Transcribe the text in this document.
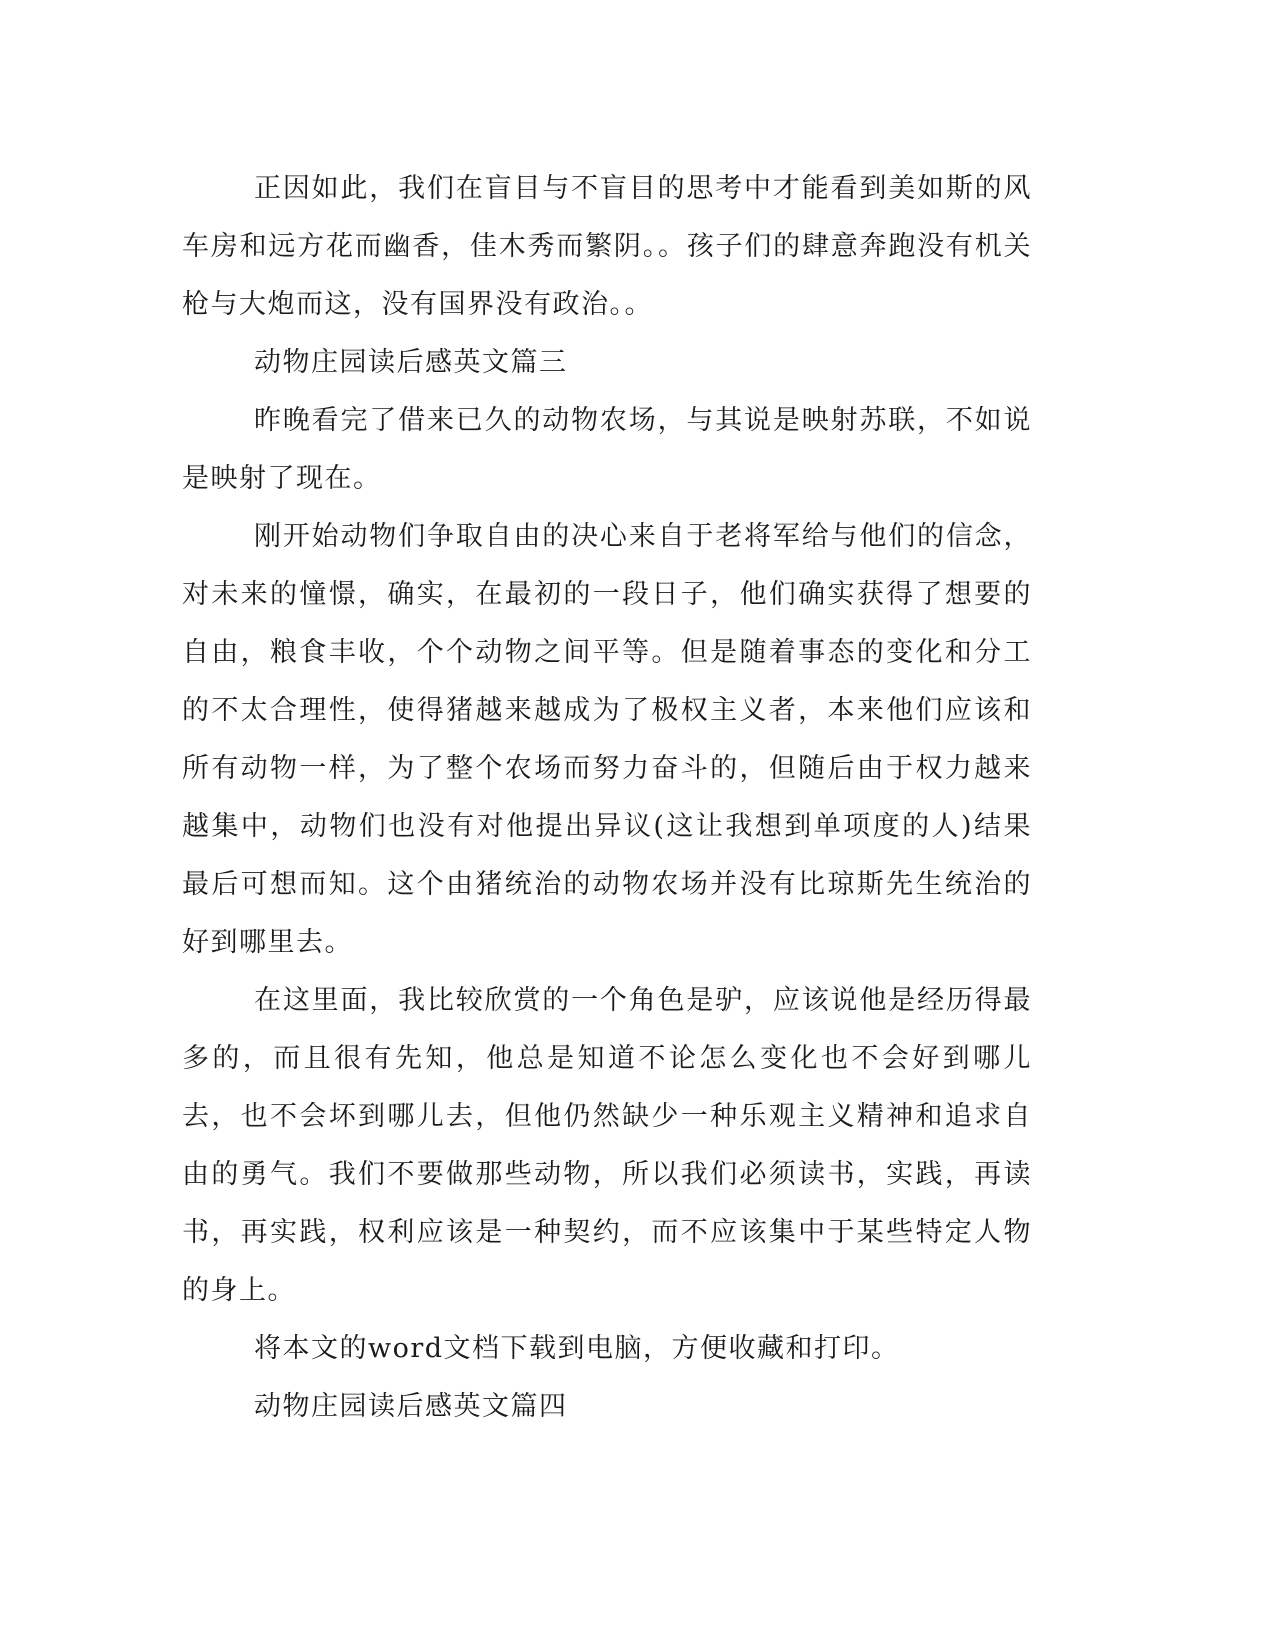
正因如此，我们在盲目与不盲目的思考中才能看到美如斯的风车房和远方花而幽香，佳木秀而繁阴。。孩子们的肆意奔跑没有机关枪与大炮而这，没有国界没有政治。。

动物庄园读后感英文篇三

昨晚看完了借来已久的动物农场，与其说是映射苏联，不如说是映射了现在。

刚开始动物们争取自由的决心来自于老将军给与他们的信念，对未来的憧憬，确实，在最初的一段日子，他们确实获得了想要的自由，粮食丰收，个个动物之间平等。但是随着事态的变化和分工的不太合理性，使得猪越来越成为了极权主义者，本来他们应该和所有动物一样，为了整个农场而努力奋斗的，但随后由于权力越来越集中，动物们也没有对他提出异议(这让我想到单项度的人)结果最后可想而知。这个由猪统治的动物农场并没有比琼斯先生统治的好到哪里去。

在这里面，我比较欣赏的一个角色是驴，应该说他是经历得最多的，而且很有先知，他总是知道不论怎么变化也不会好到哪儿去，也不会坏到哪儿去，但他仍然缺少一种乐观主义精神和追求自由的勇气。我们不要做那些动物，所以我们必须读书，实践，再读书，再实践，权利应该是一种契约，而不应该集中于某些特定人物的身上。

将本文的word文档下载到电脑，方便收藏和打印。

动物庄园读后感英文篇四
